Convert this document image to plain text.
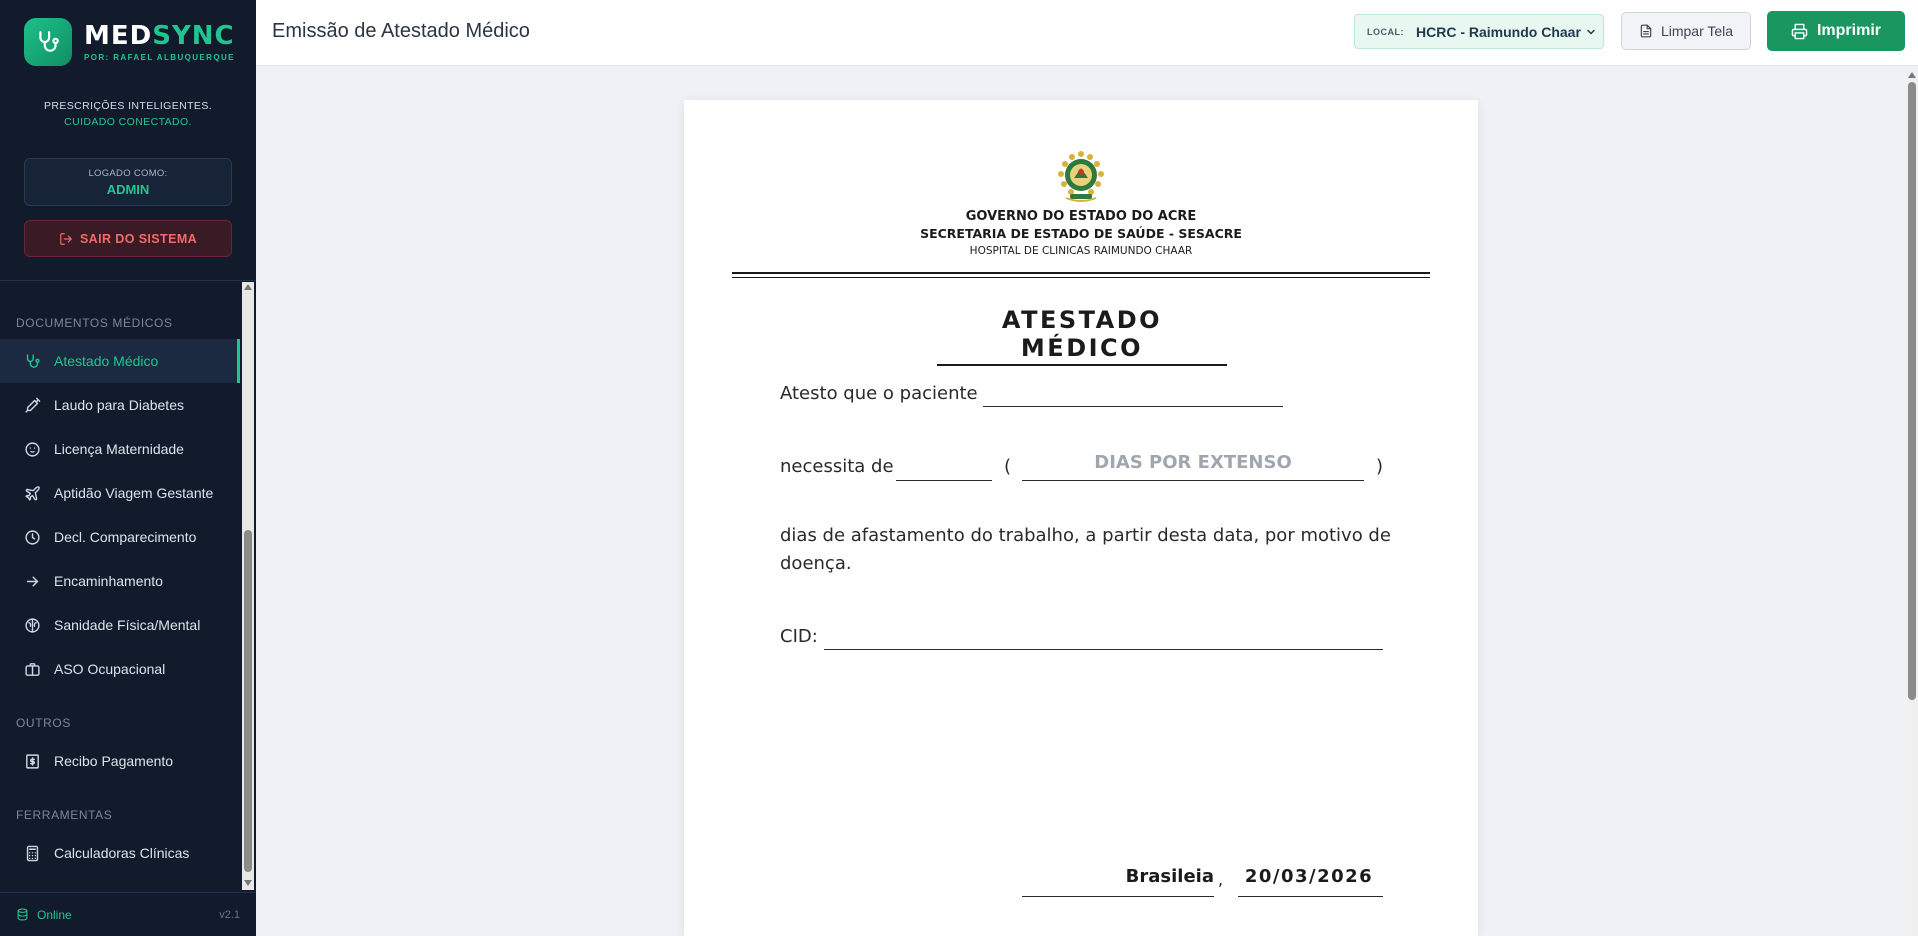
MEDSYNC
POR: RAFAEL ALBUQUERQUE
PRESCRIÇÕES INTELIGENTES.
CUIDADO CONECTADO.
LOGADO COMO:
ADMIN
SAIR DO SISTEMA
DOCUMENTOS MÉDICOS
Atestado Médico
Laudo para Diabetes
Licença Maternidade
Aptidão Viagem Gestante
Decl. Comparecimento
Encaminhamento
Sanidade Física/Mental
ASO Ocupacional
OUTROS
Recibo Pagamento
FERRAMENTAS
Calculadoras Clínicas
Online	v2.1
Emissão de Atestado Médico	LOCAL: HCRC - Raimundo Chaar	Limpar Tela	Imprimir
GOVERNO DO ESTADO DO ACRE
SECRETARIA DE ESTADO DE SAÚDE - SESACRE
HOSPITAL DE CLINICAS RAIMUNDO CHAAR
ATESTADO MÉDICO
Atesto que o paciente
necessita de	(	DIAS POR EXTENSO	)
dias de afastamento do trabalho, a partir desta data, por motivo de
doença.
CID:
Brasileia ,	20/03/2026
